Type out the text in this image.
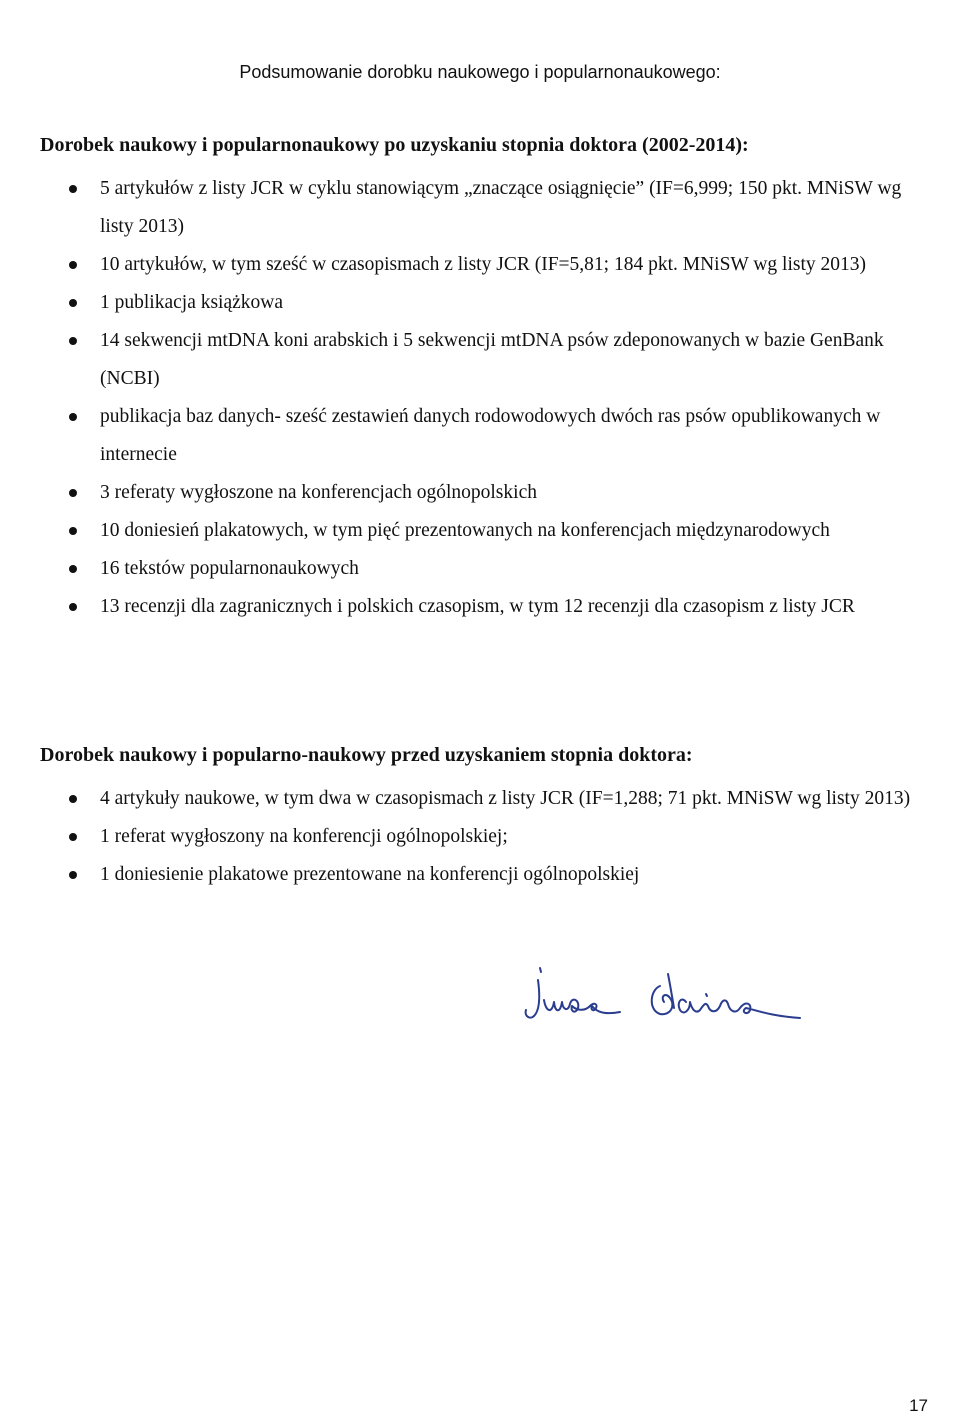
Podsumowanie dorobku naukowego i popularnonaukowego:
Dorobek naukowy i popularnonaukowy po uzyskaniu stopnia doktora (2002-2014):
5 artykułów z listy JCR w cyklu stanowiącym „znaczące osiągnięcie” (IF=6,999; 150 pkt. MNiSW wg listy 2013)
10 artykułów, w tym sześć w czasopismach z listy JCR (IF=5,81; 184 pkt. MNiSW wg listy 2013)
1 publikacja książkowa
14 sekwencji mtDNA koni arabskich i 5 sekwencji mtDNA psów zdeponowanych w bazie GenBank (NCBI)
publikacja baz danych- sześć zestawień danych rodowodowych dwóch ras psów opublikowanych w internecie
3 referaty wygłoszone na konferencjach ogólnopolskich
10 doniesień plakatowych, w tym pięć prezentowanych na konferencjach międzynarodowych
16 tekstów popularnonaukowych
13 recenzji dla zagranicznych i polskich czasopism, w tym 12 recenzji dla czasopism z listy JCR
Dorobek naukowy i popularno-naukowy przed uzyskaniem stopnia doktora:
4 artykuły naukowe, w tym dwa w czasopismach z listy JCR (IF=1,288; 71 pkt. MNiSW wg listy 2013)
1 referat wygłoszony na konferencji ogólnopolskiej;
1 doniesienie plakatowe prezentowane na konferencji ogólnopolskiej

17
